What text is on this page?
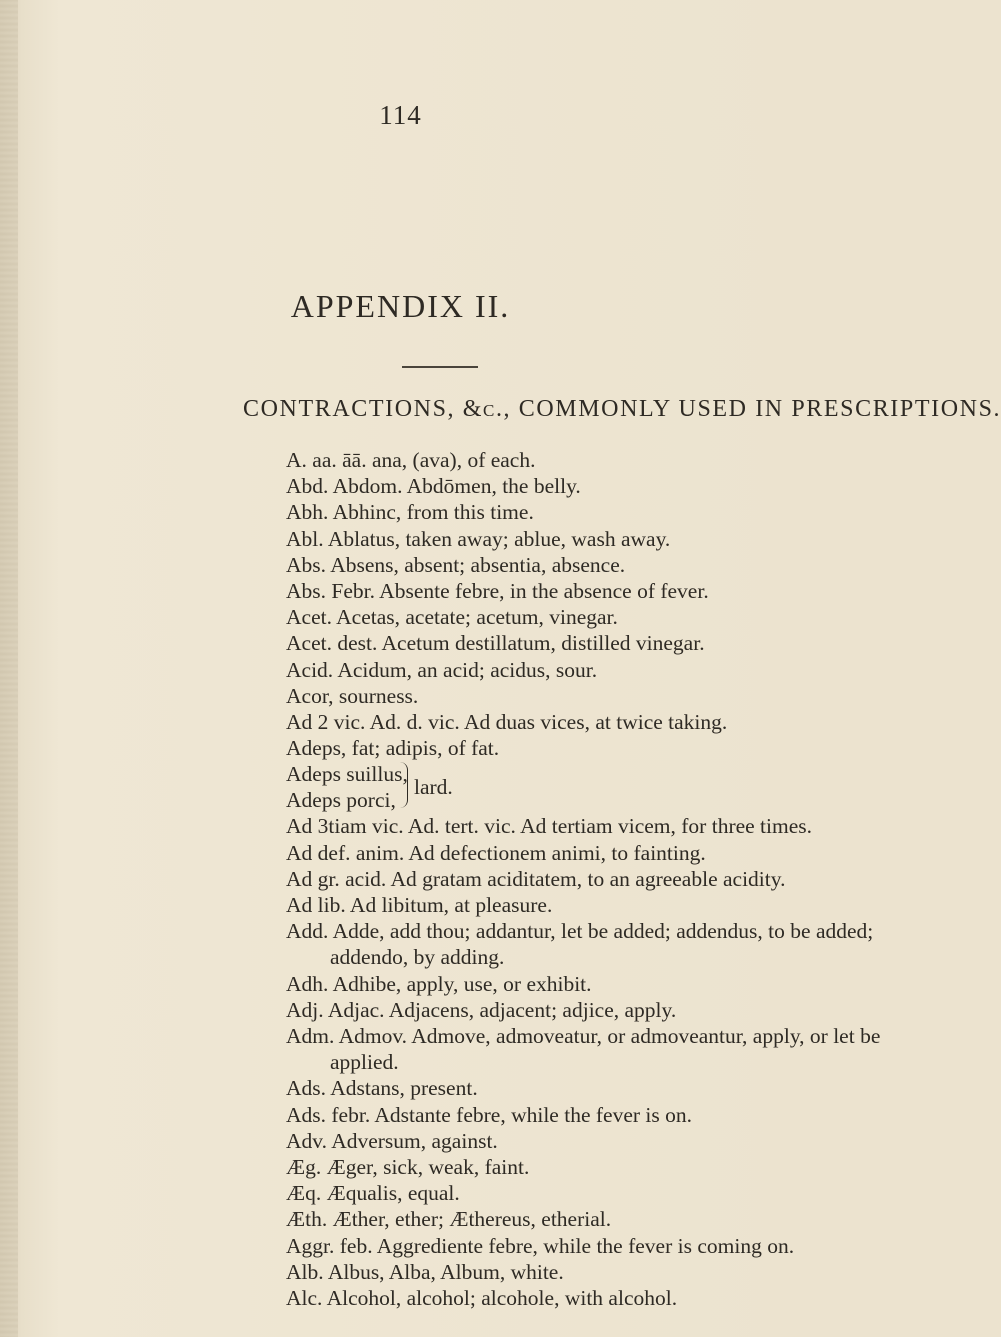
114
APPENDIX II.
CONTRACTIONS, &c., COMMONLY USED IN PRESCRIPTIONS.
A. aa. āā. ana, (ava), of each.
Abd. Abdom. Abdōmen, the belly.
Abh. Abhinc, from this time.
Abl. Ablatus, taken away; ablue, wash away.
Abs. Absens, absent; absentia, absence.
Abs. Febr. Absente febre, in the absence of fever.
Acet. Acetas, acetate; acetum, vinegar.
Acet. dest. Acetum destillatum, distilled vinegar.
Acid. Acidum, an acid; acidus, sour.
Acor, sourness.
Ad 2 vic. Ad. d. vic. Ad duas vices, at twice taking.
Adeps, fat; adipis, of fat.
Adeps suillus,
Adeps porci,
lard.
Ad 3tiam vic. Ad. tert. vic. Ad tertiam vicem, for three times.
Ad def. anim. Ad defectionem animi, to fainting.
Ad gr. acid. Ad gratam aciditatem, to an agreeable acidity.
Ad lib. Ad libitum, at pleasure.
Add. Adde, add thou; addantur, let be added; addendus, to be added;
addendo, by adding.
Adh. Adhibe, apply, use, or exhibit.
Adj. Adjac. Adjacens, adjacent; adjice, apply.
Adm. Admov. Admove, admoveatur, or admoveantur, apply, or let be
applied.
Ads. Adstans, present.
Ads. febr. Adstante febre, while the fever is on.
Adv. Adversum, against.
Æg. Æger, sick, weak, faint.
Æq. Æqualis, equal.
Æth. Æther, ether; Æthereus, etherial.
Aggr. feb. Aggrediente febre, while the fever is coming on.
Alb. Albus, Alba, Album, white.
Alc. Alcohol, alcohol; alcohole, with alcohol.
